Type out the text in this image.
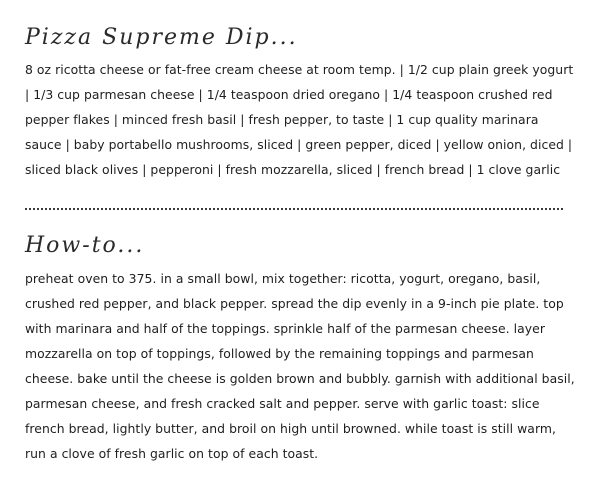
Pizza Supreme Dip...

8 oz ricotta cheese or fat-free cream cheese at room temp. | 1/2 cup plain greek yogurt | 1/3 cup parmesan cheese | 1/4 teaspoon dried oregano | 1/4 teaspoon crushed red pepper flakes | minced fresh basil | fresh pepper, to taste | 1 cup quality marinara sauce | baby portabello mushrooms, sliced | green pepper, diced | yellow onion, diced | sliced black olives | pepperoni | fresh mozzarella, sliced | french bread | 1 clove garlic

How-to...

preheat oven to 375. in a small bowl, mix together: ricotta, yogurt, oregano, basil, crushed red pepper, and black pepper. spread the dip evenly in a 9-inch pie plate. top with marinara and half of the toppings. sprinkle half of the parmesan cheese. layer mozzarella on top of toppings, followed by the remaining toppings and parmesan cheese. bake until the cheese is golden brown and bubbly. garnish with additional basil, parmesan cheese, and fresh cracked salt and pepper. serve with garlic toast: slice french bread, lightly butter, and broil on high until browned. while toast is still warm, run a clove of fresh garlic on top of each toast.
